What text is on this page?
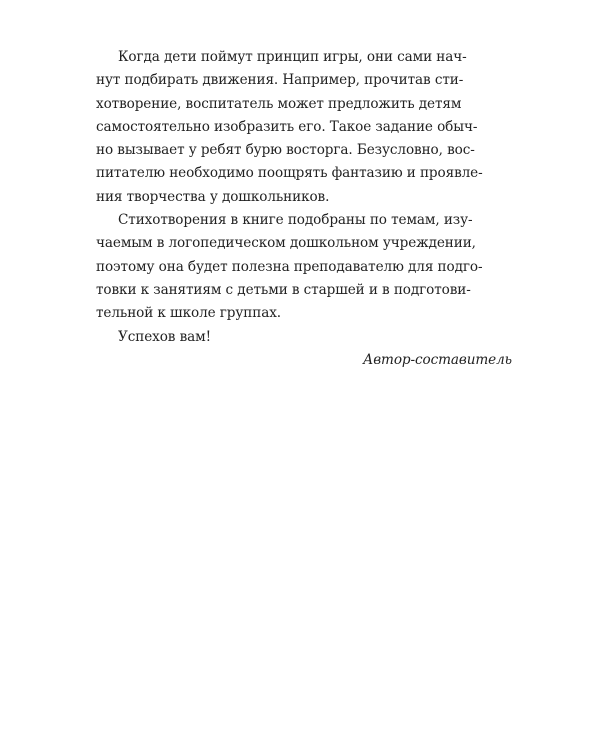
Когда дети поймут принцип игры, они сами нач-
нут подбирать движения. Например, прочитав сти-
хотворение, воспитатель может предложить детям
самостоятельно изобразить его. Такое задание обыч-
но вызывает у ребят бурю восторга. Безусловно, вос-
питателю необходимо поощрять фантазию и проявле-
ния творчества у дошкольников.
Стихотворения в книге подобраны по темам, изу-
чаемым в логопедическом дошкольном учреждении,
поэтому она будет полезна преподавателю для подго-
товки к занятиям с детьми в старшей и в подготови-
тельной к школе группах.
Успехов вам!
Автор-составитель
